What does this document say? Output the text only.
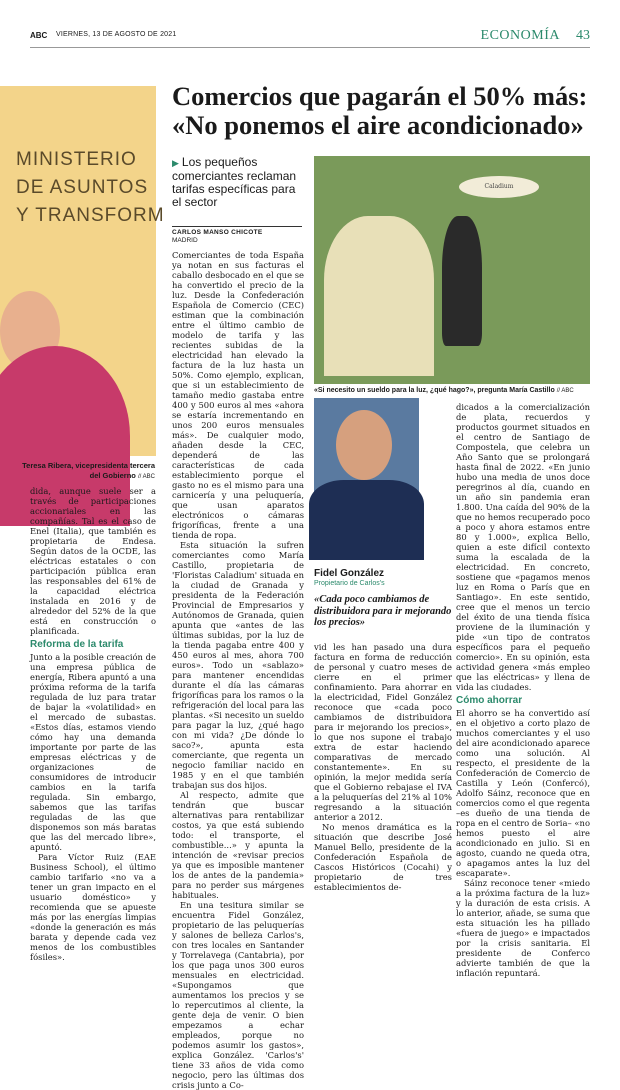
ABC VIERNES, 13 DE AGOSTO DE 2021	ECONOMÍA 43
MINISTERIO
DE ASUNTOS
Y TRANSFORM
Teresa Ribera, vicepresidenta tercera del Gobierno // ABC
Comercios que pagarán el 50% más: «No ponemos el aire acondicionado»
▶ Los pequeños comerciantes reclaman tarifas específicas para el sector
CARLOS MANSO CHICOTE
MADRID

dida, aunque suele ser a través de participaciones accionariales en las compañías. Tal es el caso de Enel (Italia), que también es propietaria de Endesa. Según datos de la OCDE, las eléctricas estatales o con participación pública eran las responsables del 61% de la capacidad eléctrica instalada en 2016 y de alrededor del 52% de la que está en construcción o planificada.

Reforma de la tarifa

Junto a la posible creación de una empresa pública de energía, Ribera apuntó a una próxima reforma de la tarifa regulada de luz para tratar de bajar la «volatilidad» en el mercado de subastas. «Estos días, estamos viendo cómo hay una demanda importante por parte de las empresas eléctricas y de organizaciones de consumidores de introducir cambios en la tarifa regulada. Sin embargo, sabemos que las tarifas reguladas de las que disponemos son más baratas que las del mercado libre», apuntó.

Para Víctor Ruiz (EAE Business School), el último cambio tarifario «no va a tener un gran impacto en el usuario doméstico» y recomienda que se apueste más por las energías limpias «donde la generación es más barata y depende cada vez menos de los combustibles fósiles».

Comerciantes de toda España ya notan en sus facturas el caballo desbocado en el que se ha convertido el precio de la luz. Desde la Confederación Española de Comercio (CEC) estiman que la combinación entre el último cambio de modelo de tarifa y las recientes subidas de la electricidad han elevado la factura de la luz hasta un 50%. Como ejemplo, explican, que si un establecimiento de tamaño medio gastaba entre 400 y 500 euros al mes «ahora se estaría incrementando en unos 200 euros mensuales más». De cualquier modo, añaden desde la CEC, dependerá de las características de cada establecimiento porque el gasto no es el mismo para una carnicería y una peluquería, que usan aparatos electrónicos o cámaras frigoríficas, frente a una tienda de ropa.

Esta situación la sufren comerciantes como María Castillo, propietaria de 'Floristas Caladium' situada en la ciudad de Granada y presidenta de la Federación Provincial de Empresarios y Autónomos de Granada, quien apunta que «antes de las últimas subidas, por la luz de la tienda pagaba entre 400 y 450 euros al mes, ahora 700 euros». Todo un «sablazo» para mantener encendidas durante el día las cámaras frigoríficas para los ramos o la refrigeración del local para las plantas. «Si necesito un sueldo para pagar la luz, ¿qué hago con mi vida? ¿De dónde lo saco?», apunta esta comerciante, que regenta un negocio familiar nacido en 1985 y en el que también trabajan sus dos hijos.

Al respecto, admite que tendrán que buscar alternativas para rentabilizar costos, ya que está subiendo todo: el transporte, el combustible...» y apunta la intención de «revisar precios ya que es imposible mantener los de antes de la pandemia» para no perder sus márgenes habituales.

En una tesitura similar se encuentra Fidel González, propietario de las peluquerías y salones de belleza Carlos's, con tres locales en Santander y Torrelavega (Cantabria), por los que paga unos 300 euros mensuales en electricidad. «Supongamos que aumentamos los precios y se lo repercutimos al cliente, la gente deja de venir. O bien empezamos a echar empleados, porque no podemos asumir los gastos», explica González. 'Carlos's' tiene 33 años de vida como negocio, pero las últimas dos crisis junto a Co-

Caladium
«Si necesito un sueldo para la luz, ¿qué hago?», pregunta María Castillo // ABC
Fidel González
Propietario de Carlos's
«Cada poco cambiamos de distribuidora para ir mejorando los precios»

vid les han pasado una dura factura en forma de reducción de personal y cuatro meses de cierre en el primer confinamiento. Para ahorrar en la electricidad, Fidel González reconoce que «cada poco cambiamos de distribuidora para ir mejorando los precios», lo que nos supone el trabajo extra de estar haciendo comparativas de mercado constantemente». En su opinión, la mejor medida sería que el Gobierno rebajase el IVA a la peluquerías del 21% al 10% regresando a la situación anterior a 2012.

No menos dramática es la situación que describe José Manuel Bello, presidente de la Confederación Española de Cascos Históricos (Cocahi) y propietario de tres establecimientos de-

dicados a la comercialización de plata, recuerdos y productos gourmet situados en el centro de Santiago de Compostela, que celebra un Año Santo que se prolongará hasta final de 2022. «En junio hubo una media de unos doce peregrinos al día, cuando en un año sin pandemia eran 1.800. Una caída del 90% de la que no hemos recuperado poco a poco y ahora estamos entre 80 y 1.000», explica Bello, quien a este difícil contexto suma la escalada de la electricidad. En concreto, sostiene que «pagamos menos luz en Roma o París que en Santiago». En este sentido, cree que el menos un tercio del éxito de una tienda física proviene de la iluminación y pide «un tipo de contratos específicos para el pequeño comercio». En su opinión, esta actividad genera «más empleo que las eléctricas» y llena de vida las ciudades.

Cómo ahorrar

El ahorro se ha convertido así en el objetivo a corto plazo de muchos comerciantes y el uso del aire acondicionado aparece como una solución. Al respecto, el presidente de la Confederación de Comercio de Castilla y León (Confercó), Adolfo Sáinz, reconoce que en comercios como el que regenta –es dueño de una tienda de ropa en el centro de Soria– «no hemos puesto el aire acondicionado en julio. Si en agosto, cuando ne queda otra, o apagamos antes la luz del escaparate».

Sáinz reconoce tener «miedo a la próxima factura de la luz» y la duración de esta crisis. A lo anterior, añade, se suma que esta situación les ha pillado «fuera de juego» e impactados por la crisis sanitaria. El presidente de Conferco advierte también de que la inflación repuntará.
